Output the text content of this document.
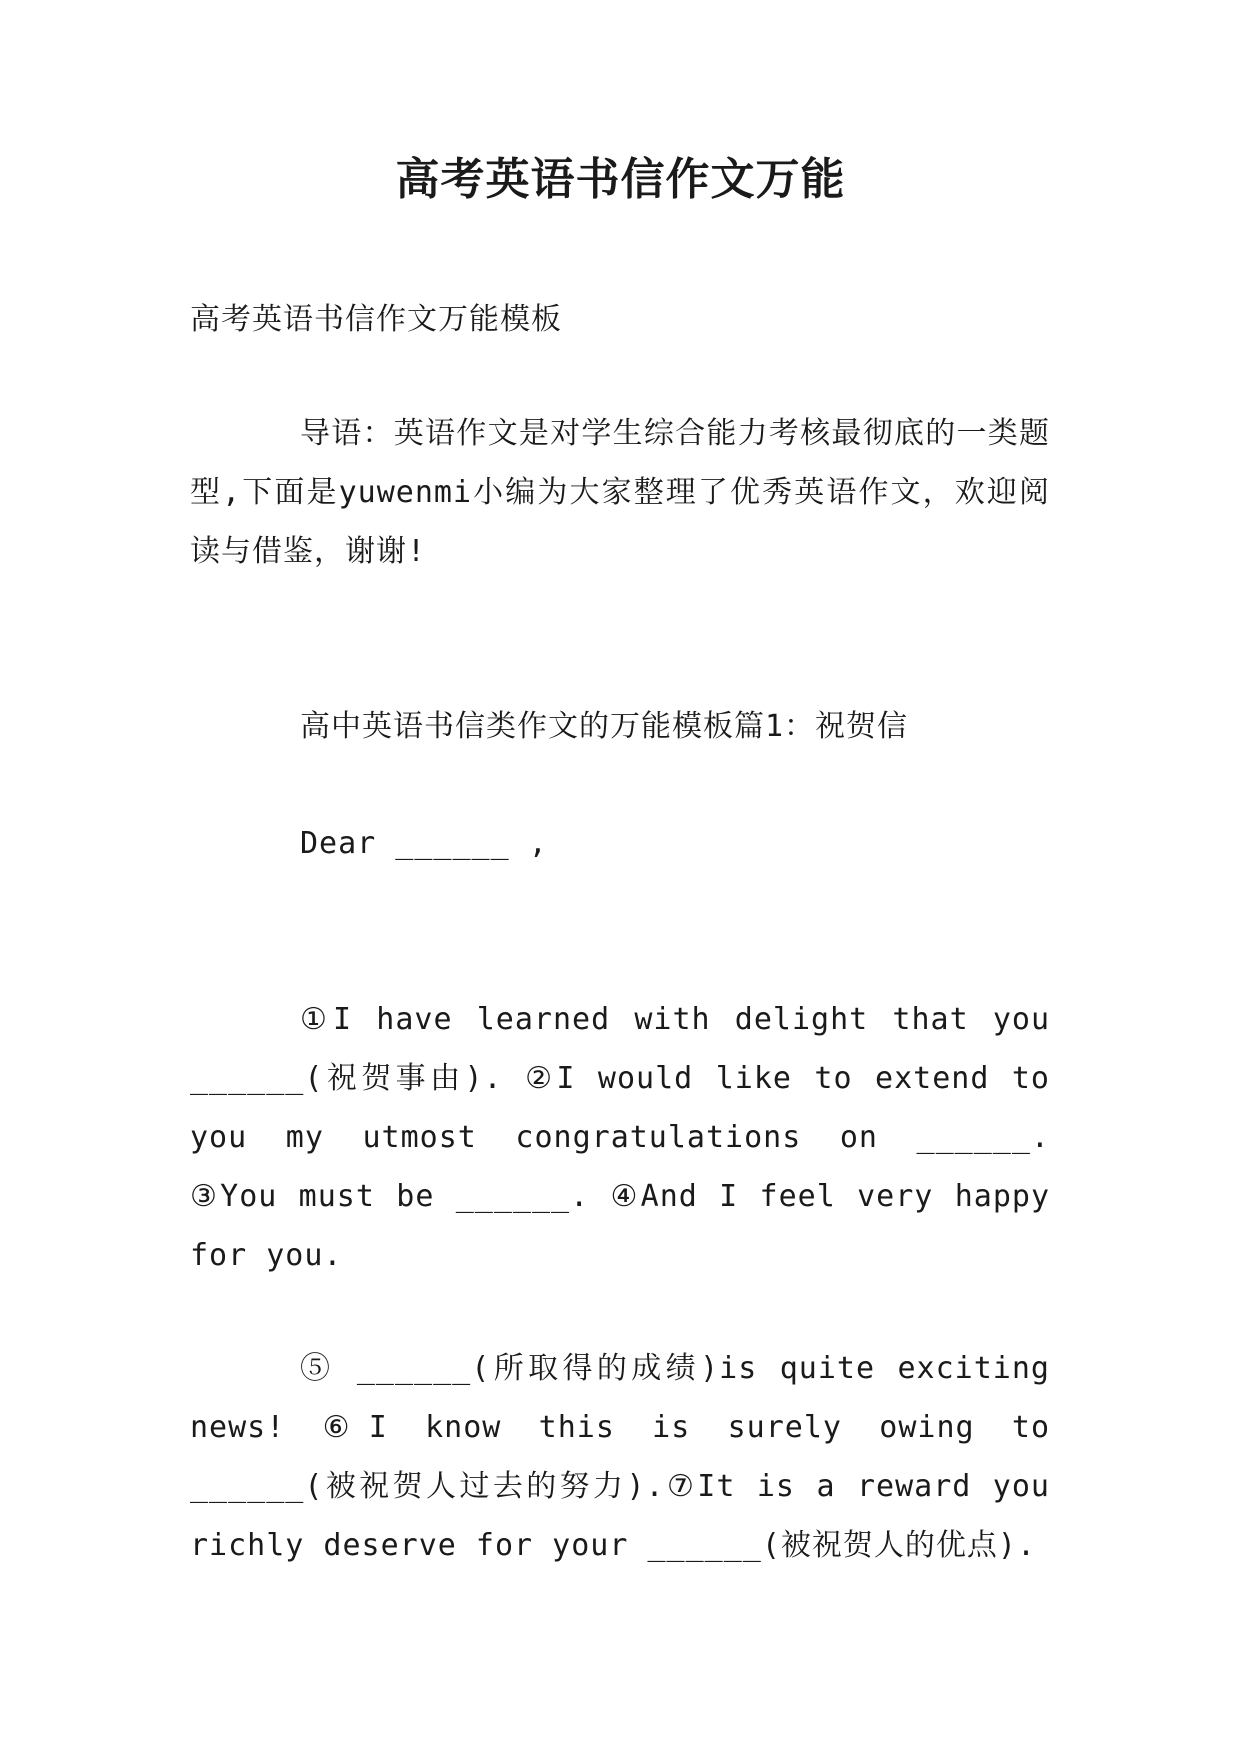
高考英语书信作文万能
高考英语书信作文万能模板
导语：英语作文是对学生综合能力考核最彻底的一类题型,下面是yuwenmi小编为大家整理了优秀英语作文，欢迎阅读与借鉴，谢谢!
高中英语书信类作文的万能模板篇1：祝贺信
Dear ______ ,
①I have learned with delight that you ______(祝贺事由). ②I would like to extend to you my utmost congratulations on ______. ③You must be ______. ④And I feel very happy for you.
⑤ ______(所取得的成绩)is quite exciting news! ⑥I know this is surely owing to ______(被祝贺人过去的努力).⑦It is a reward you richly deserve for your ______(被祝贺人的优点).
